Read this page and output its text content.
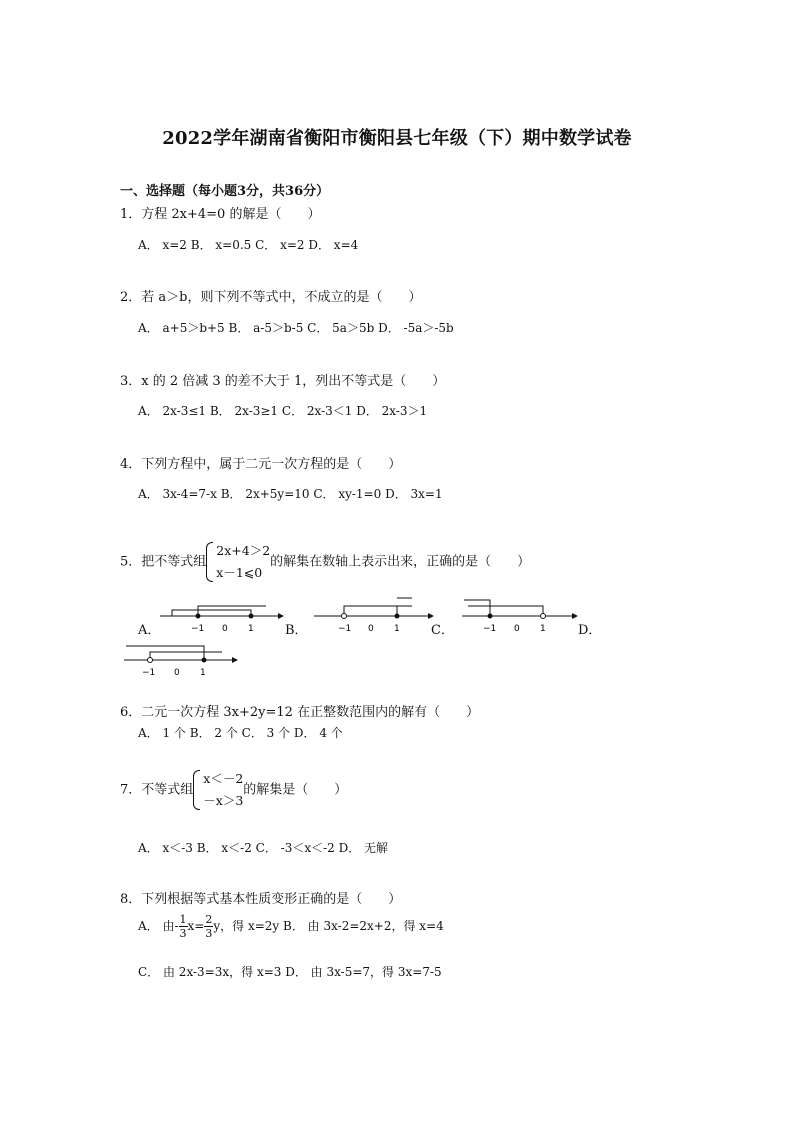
2022学年湖南省衡阳市衡阳县七年级（下）期中数学试卷
一、选择题（每小题3分，共36分）
1．方程 2x+4=0 的解是（　　）
A． x=2 B． x=0.5 C． x=2 D． x=4
2．若 a＞b，则下列不等式中，不成立的是（　　）
A． a+5＞b+5 B． a-5＞b-5 C． 5a＞5b D． -5a＞-5b
3．x 的 2 倍减 3 的差不大于 1，列出不等式是（　　）
A． 2x-3≤1 B． 2x-3≥1 C． 2x-3＜1 D． 2x-3＞1
4．下列方程中，属于二元一次方程的是（　　）
A． 3x-4=7-x B． 2x+5y=10 C． xy-1=0 D． 3x=1
5．把不等式组
2x+4＞2
x－1⩽0
的解集在数轴上表示出来，正确的是（　　）
A．	−1 0 1 B．	−1 0 1 C．	−1 0 1 D．
−1 0 1
6．二元一次方程 3x+2y=12 在正整数范围内的解有（　　）
A． 1 个 B． 2 个 C． 3 个 D． 4 个
7．不等式组
x＜－2
－x＞3
的解集是（　　）
A． x＜-3 B． x＜-2 C． -3＜x＜-2 D． 无解
8．下列根据等式基本性质变形正确的是（　　）
A． 由- $\frac{1}{3} x= \frac{2}{3}$ y，得 x=2y B． 由 3x-2=2x+2，得 x=4
C． 由 2x-3=3x，得 x=3 D． 由 3x-5=7，得 3x=7-5
